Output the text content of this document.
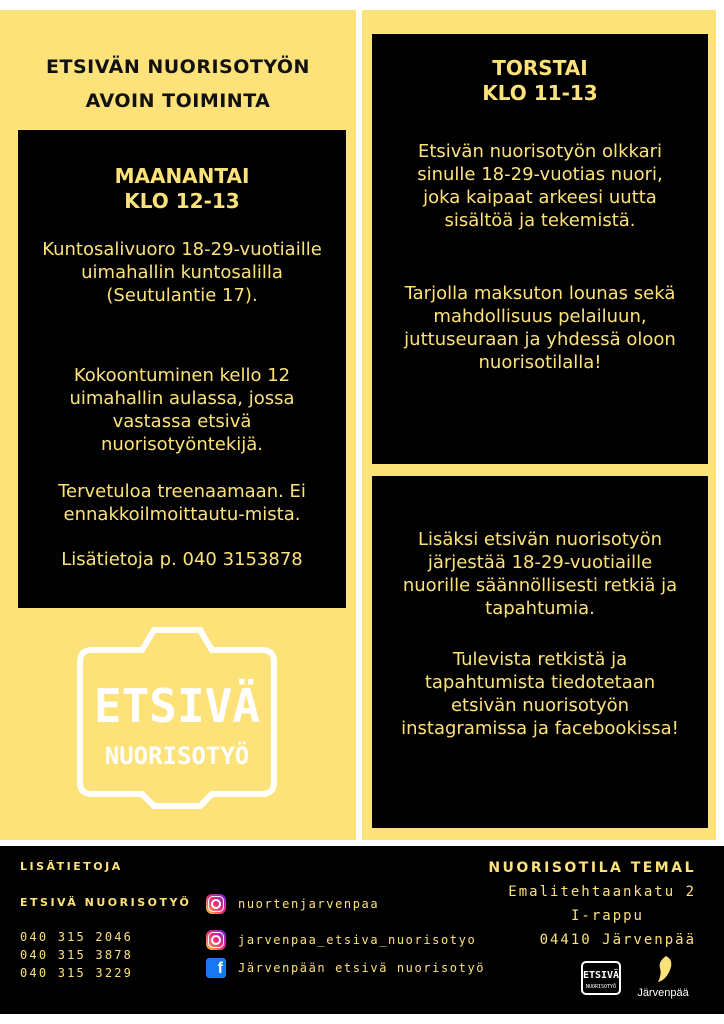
ETSIVÄN NUORISOTYÖN
AVOIN TOIMINTA
MAANANTAI
KLO 12-13
Kuntosalivuoro 18-29-vuotiaille uimahallin kuntosalilla (Seutulantie 17).
Kokoontuminen kello 12 uimahallin aulassa, jossa vastassa etsivä nuorisotyöntekijä.
Tervetuloa treenaamaan. Ei ennakkoilmoittautu-mista.
Lisätietoja p. 040 3153878
TORSTAI
KLO 11-13
Etsivän nuorisotyön olkkari sinulle 18-29-vuotias nuori, joka kaipaat arkeesi uutta sisältöä ja tekemistä.
Tarjolla maksuton lounas sekä mahdollisuus pelailuun, juttuseuraan ja yhdessä oloon nuorisotilalla!
Lisäksi etsivän nuorisotyön järjestää 18-29-vuotiaille nuorille säännöllisesti retkiä ja tapahtumia.
Tulevista retkistä ja tapahtumista tiedotetaan etsivän nuorisotyön instagramissa ja facebookissa!
ETSIVÄ
NUORISOTYÖ
LISÄTIETOJA
ETSIVÄ NUORISOTYÖ
040 315 2046
040 315 3878
040 315 3229
nuortenjarvenpaa
jarvenpaa_etsiva_nuorisotyo
f Järvenpään etsivä nuorisotyö
NUORISOTILA TEMAL
Emalitehtaankatu 2
I-rappu
04410 Järvenpää
ETSIVÄ
NUORISOTYÖ Järvenpää
